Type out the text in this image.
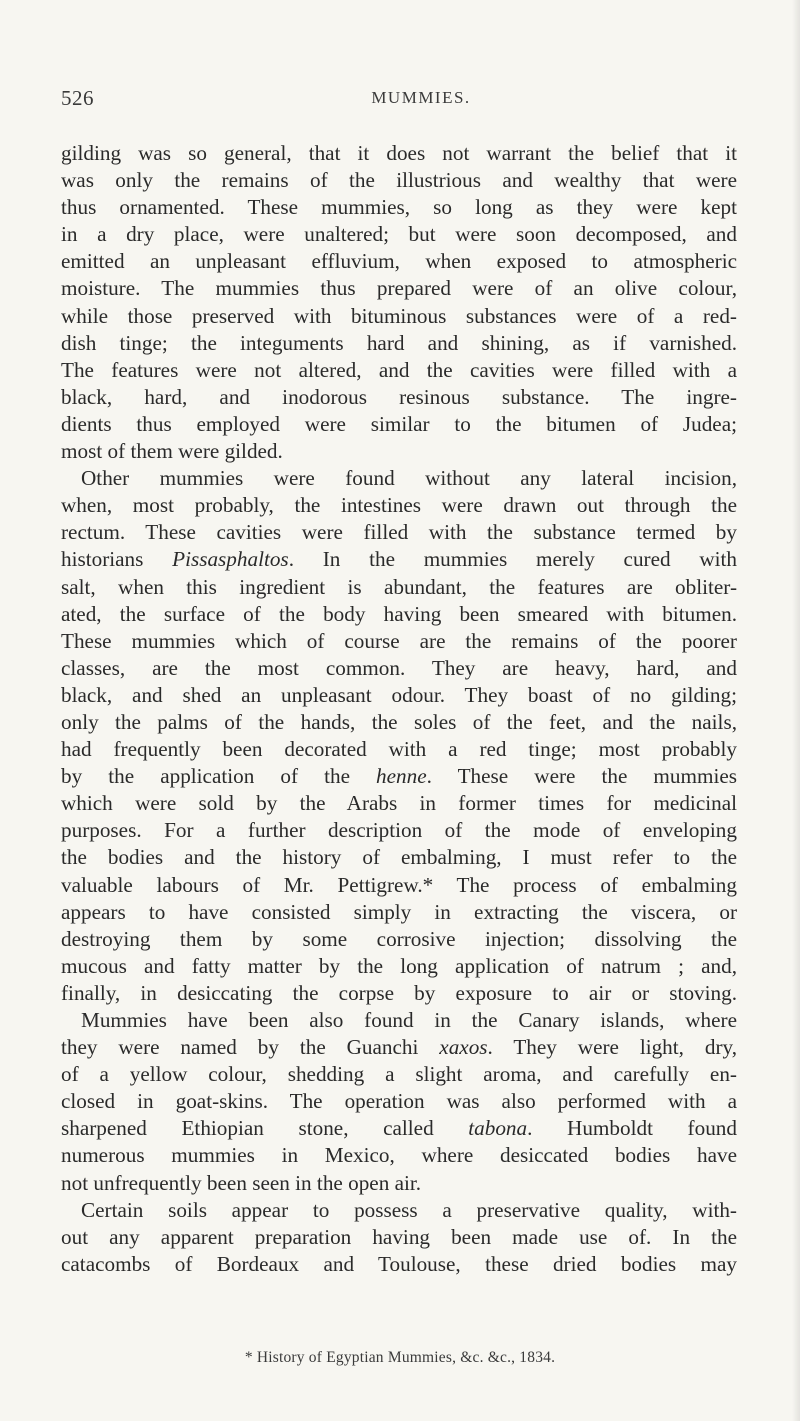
526	MUMMIES.
gilding was so general, that it does not warrant the belief that it
was only the remains of the illustrious and wealthy that were
thus ornamented. These mummies, so long as they were kept
in a dry place, were unaltered; but were soon decomposed, and
emitted an unpleasant effluvium, when exposed to atmospheric
moisture. The mummies thus prepared were of an olive colour,
while those preserved with bituminous substances were of a red-
dish tinge; the integuments hard and shining, as if varnished.
The features were not altered, and the cavities were filled with a
black, hard, and inodorous resinous substance. The ingre-
dients thus employed were similar to the bitumen of Judea;
most of them were gilded.
Other mummies were found without any lateral incision,
when, most probably, the intestines were drawn out through the
rectum. These cavities were filled with the substance termed by
historians Pissasphaltos. In the mummies merely cured with
salt, when this ingredient is abundant, the features are obliter-
ated, the surface of the body having been smeared with bitumen.
These mummies which of course are the remains of the poorer
classes, are the most common. They are heavy, hard, and
black, and shed an unpleasant odour. They boast of no gilding;
only the palms of the hands, the soles of the feet, and the nails,
had frequently been decorated with a red tinge; most probably
by the application of the henne. These were the mummies
which were sold by the Arabs in former times for medicinal
purposes. For a further description of the mode of enveloping
the bodies and the history of embalming, I must refer to the
valuable labours of Mr. Pettigrew.* The process of embalming
appears to have consisted simply in extracting the viscera, or
destroying them by some corrosive injection; dissolving the
mucous and fatty matter by the long application of natrum ; and,
finally, in desiccating the corpse by exposure to air or stoving.
Mummies have been also found in the Canary islands, where
they were named by the Guanchi xaxos. They were light, dry,
of a yellow colour, shedding a slight aroma, and carefully en-
closed in goat-skins. The operation was also performed with a
sharpened Ethiopian stone, called tabona. Humboldt found
numerous mummies in Mexico, where desiccated bodies have
not unfrequently been seen in the open air.
Certain soils appear to possess a preservative quality, with-
out any apparent preparation having been made use of. In the
catacombs of Bordeaux and Toulouse, these dried bodies may
* History of Egyptian Mummies, &c. &c., 1834.
